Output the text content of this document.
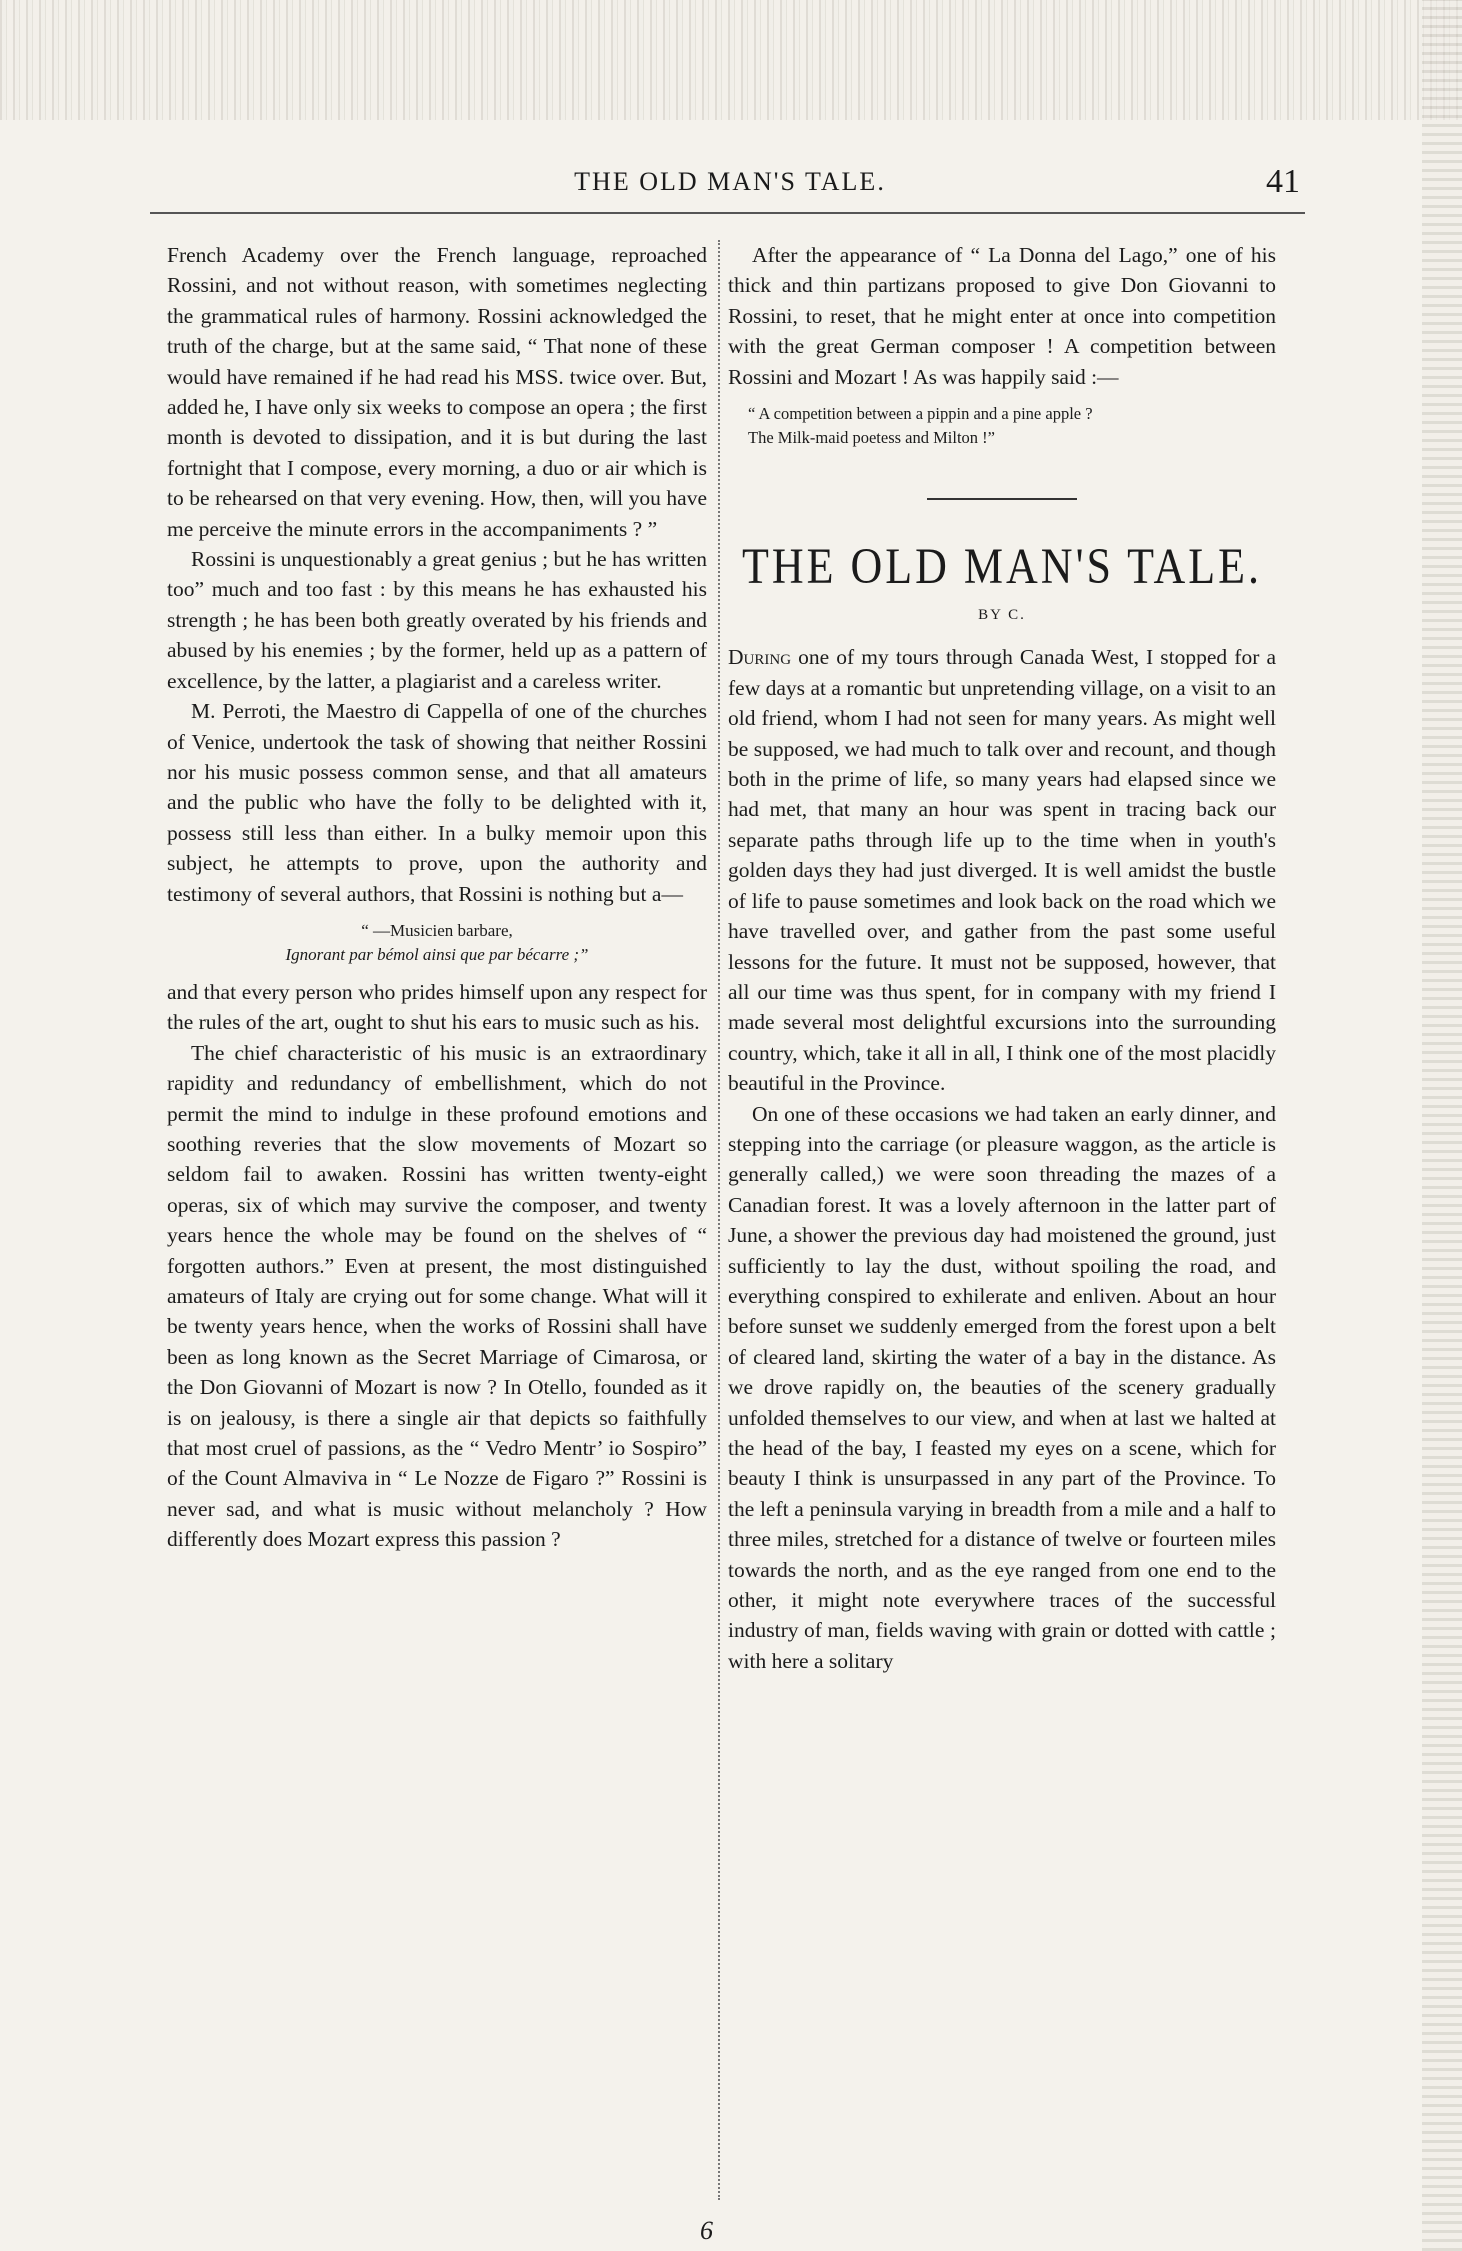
THE OLD MAN'S TALE.	41

French Academy over the French language, reproached Rossini, and not without reason, with sometimes neglecting the grammatical rules of harmony. Rossini acknowledged the truth of the charge, but at the same said, “ That none of these would have remained if he had read his MSS. twice over. But, added he, I have only six weeks to compose an opera ; the first month is devoted to dissipation, and it is but during the last fortnight that I compose, every morning, a duo or air which is to be rehearsed on that very evening. How, then, will you have me perceive the minute errors in the accompaniments ? ”

Rossini is unquestionably a great genius ; but he has written too” much and too fast : by this means he has exhausted his strength ; he has been both greatly overated by his friends and abused by his enemies ; by the former, held up as a pattern of excellence, by the latter, a plagiarist and a careless writer.

M. Perroti, the Maestro di Cappella of one of the churches of Venice, undertook the task of showing that neither Rossini nor his music possess common sense, and that all amateurs and the public who have the folly to be delighted with it, possess still less than either. In a bulky memoir upon this subject, he attempts to prove, upon the authority and testimony of several authors, that Rossini is nothing but a—

“ —Musicien barbare,
Ignorant par bémol ainsi que par bécarre ;”

and that every person who prides himself upon any respect for the rules of the art, ought to shut his ears to music such as his.

The chief characteristic of his music is an extraordinary rapidity and redundancy of embellishment, which do not permit the mind to indulge in these profound emotions and soothing reveries that the slow movements of Mozart so seldom fail to awaken. Rossini has written twenty-eight operas, six of which may survive the composer, and twenty years hence the whole may be found on the shelves of “ forgotten authors.” Even at present, the most distinguished amateurs of Italy are crying out for some change. What will it be twenty years hence, when the works of Rossini shall have been as long known as the Secret Marriage of Cimarosa, or the Don Giovanni of Mozart is now ? In Otello, founded as it is on jealousy, is there a single air that depicts so faithfully that most cruel of passions, as the “ Vedro Mentr’ io Sospiro” of the Count Almaviva in “ Le Nozze de Figaro ?” Rossini is never sad, and what is music without melancholy ? How differently does Mozart express this passion ?

After the appearance of “ La Donna del Lago,” one of his thick and thin partizans proposed to give Don Giovanni to Rossini, to reset, that he might enter at once into competition with the great German composer ! A competition between Rossini and Mozart ! As was happily said :—

“ A competition between a pippin and a pine apple ?
The Milk-maid poetess and Milton !”
THE OLD MAN'S TALE.
BY C.

During one of my tours through Canada West, I stopped for a few days at a romantic but unpretending village, on a visit to an old friend, whom I had not seen for many years. As might well be supposed, we had much to talk over and recount, and though both in the prime of life, so many years had elapsed since we had met, that many an hour was spent in tracing back our separate paths through life up to the time when in youth's golden days they had just diverged. It is well amidst the bustle of life to pause sometimes and look back on the road which we have travelled over, and gather from the past some useful lessons for the future. It must not be supposed, however, that all our time was thus spent, for in company with my friend I made several most delightful excursions into the surrounding country, which, take it all in all, I think one of the most placidly beautiful in the Province.

On one of these occasions we had taken an early dinner, and stepping into the carriage (or pleasure waggon, as the article is generally called,) we were soon threading the mazes of a Canadian forest. It was a lovely afternoon in the latter part of June, a shower the previous day had moistened the ground, just sufficiently to lay the dust, without spoiling the road, and everything conspired to exhilerate and enliven. About an hour before sunset we suddenly emerged from the forest upon a belt of cleared land, skirting the water of a bay in the distance. As we drove rapidly on, the beauties of the scenery gradually unfolded themselves to our view, and when at last we halted at the head of the bay, I feasted my eyes on a scene, which for beauty I think is unsurpassed in any part of the Province. To the left a peninsula varying in breadth from a mile and a half to three miles, stretched for a distance of twelve or fourteen miles towards the north, and as the eye ranged from one end to the other, it might note everywhere traces of the successful industry of man, fields waving with grain or dotted with cattle ; with here a solitary

6
